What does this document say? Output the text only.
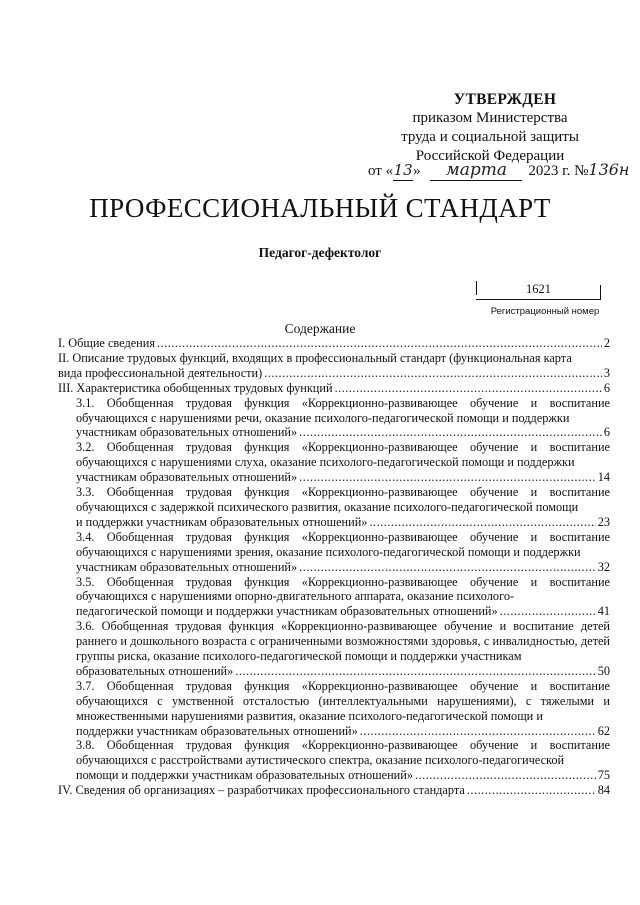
УТВЕРЖДЕН
приказом Министерства
труда и социальной защиты
Российской Федерации
от «13» марта 2023 г. №136н
ПРОФЕССИОНАЛЬНЫЙ СТАНДАРТ
Педагог-дефектолог
1621
Регистрационный номер
Содержание
I. Общие сведения .....	2
II. Описание трудовых функций, входящих в профессиональный стандарт (функциональная карта
вида профессиональной деятельности) .....	3
III. Характеристика обобщенных трудовых функций .....	6
3.1. Обобщенная трудовая функция «Коррекционно-развивающее обучение и воспитание обучающихся с нарушениями речи, оказание психолого-педагогической помощи и поддержки
участникам образовательных отношений» .....	6
3.2. Обобщенная трудовая функция «Коррекционно-развивающее обучение и воспитание обучающихся с нарушениями слуха, оказание психолого-педагогической помощи и поддержки
участникам образовательных отношений» .....	14
3.3. Обобщенная трудовая функция «Коррекционно-развивающее обучение и воспитание обучающихся с задержкой психического развития, оказание психолого-педагогической помощи
и поддержки участникам образовательных отношений» .....	23
3.4. Обобщенная трудовая функция «Коррекционно-развивающее обучение и воспитание обучающихся с нарушениями зрения, оказание психолого-педагогической помощи и поддержки
участникам образовательных отношений» .....	32
3.5. Обобщенная трудовая функция «Коррекционно-развивающее обучение и воспитание обучающихся с нарушениями опорно-двигательного аппарата, оказание психолого-
педагогической помощи и поддержки участникам образовательных отношений» .....	41
3.6. Обобщенная трудовая функция «Коррекционно-развивающее обучение и воспитание детей раннего и дошкольного возраста с ограниченными возможностями здоровья, с инвалидностью, детей группы риска, оказание психолого-педагогической помощи и поддержки участникам
образовательных отношений» .....	50
3.7. Обобщенная трудовая функция «Коррекционно-развивающее обучение и воспитание обучающихся с умственной отсталостью (интеллектуальными нарушениями), с тяжелыми и множественными нарушениями развития, оказание психолого-педагогической помощи и
поддержки участникам образовательных отношений» .....	62
3.8. Обобщенная трудовая функция «Коррекционно-развивающее обучение и воспитание обучающихся с расстройствами аутистического спектра, оказание психолого-педагогической
помощи и поддержки участникам образовательных отношений» .....	75
IV. Сведения об организациях – разработчиках профессионального стандарта .....	84
